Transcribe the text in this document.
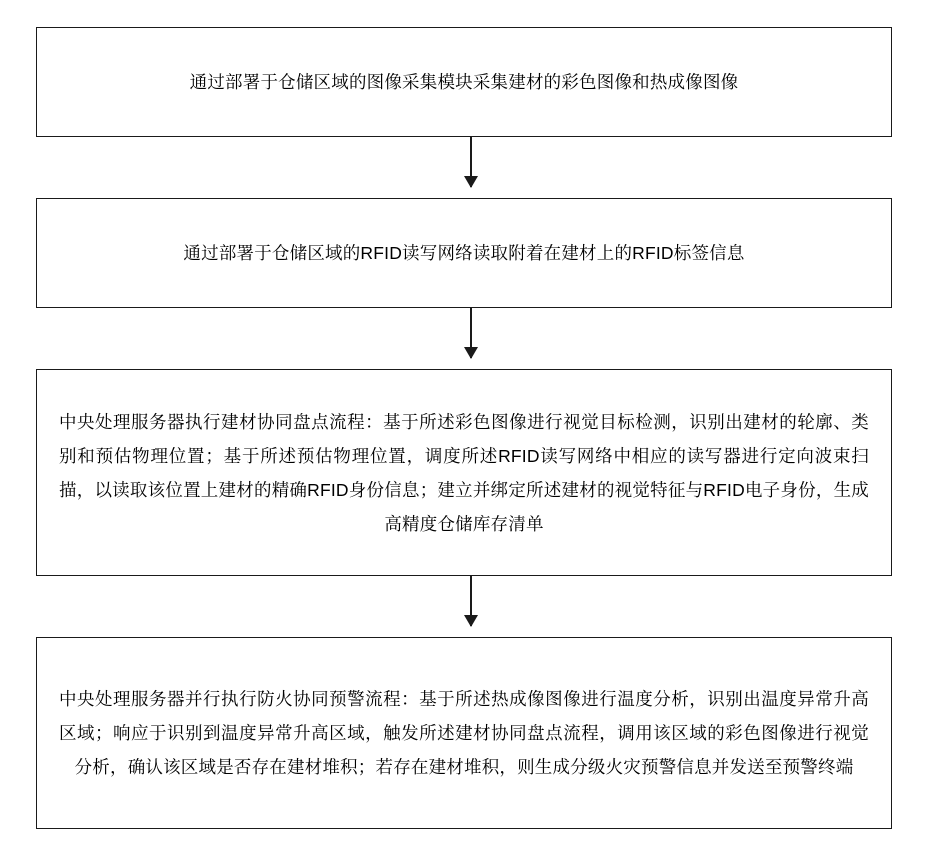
通过部署于仓储区域的图像采集模块采集建材的彩色图像和热成像图像
通过部署于仓储区域的RFID读写网络读取附着在建材上的RFID标签信息
中央处理服务器执行建材协同盘点流程：基于所述彩色图像进行视觉目标检测，识别出建材的轮廓、类别和预估物理位置；基于所述预估物理位置，调度所述RFID读写网络中相应的读写器进行定向波束扫描，以读取该位置上建材的精确RFID身份信息；建立并绑定所述建材的视觉特征与RFID电子身份，生成高精度仓储库存清单
中央处理服务器并行执行防火协同预警流程：基于所述热成像图像进行温度分析，识别出温度异常升高区域；响应于识别到温度异常升高区域，触发所述建材协同盘点流程，调用该区域的彩色图像进行视觉分析，确认该区域是否存在建材堆积；若存在建材堆积，则生成分级火灾预警信息并发送至预警终端
